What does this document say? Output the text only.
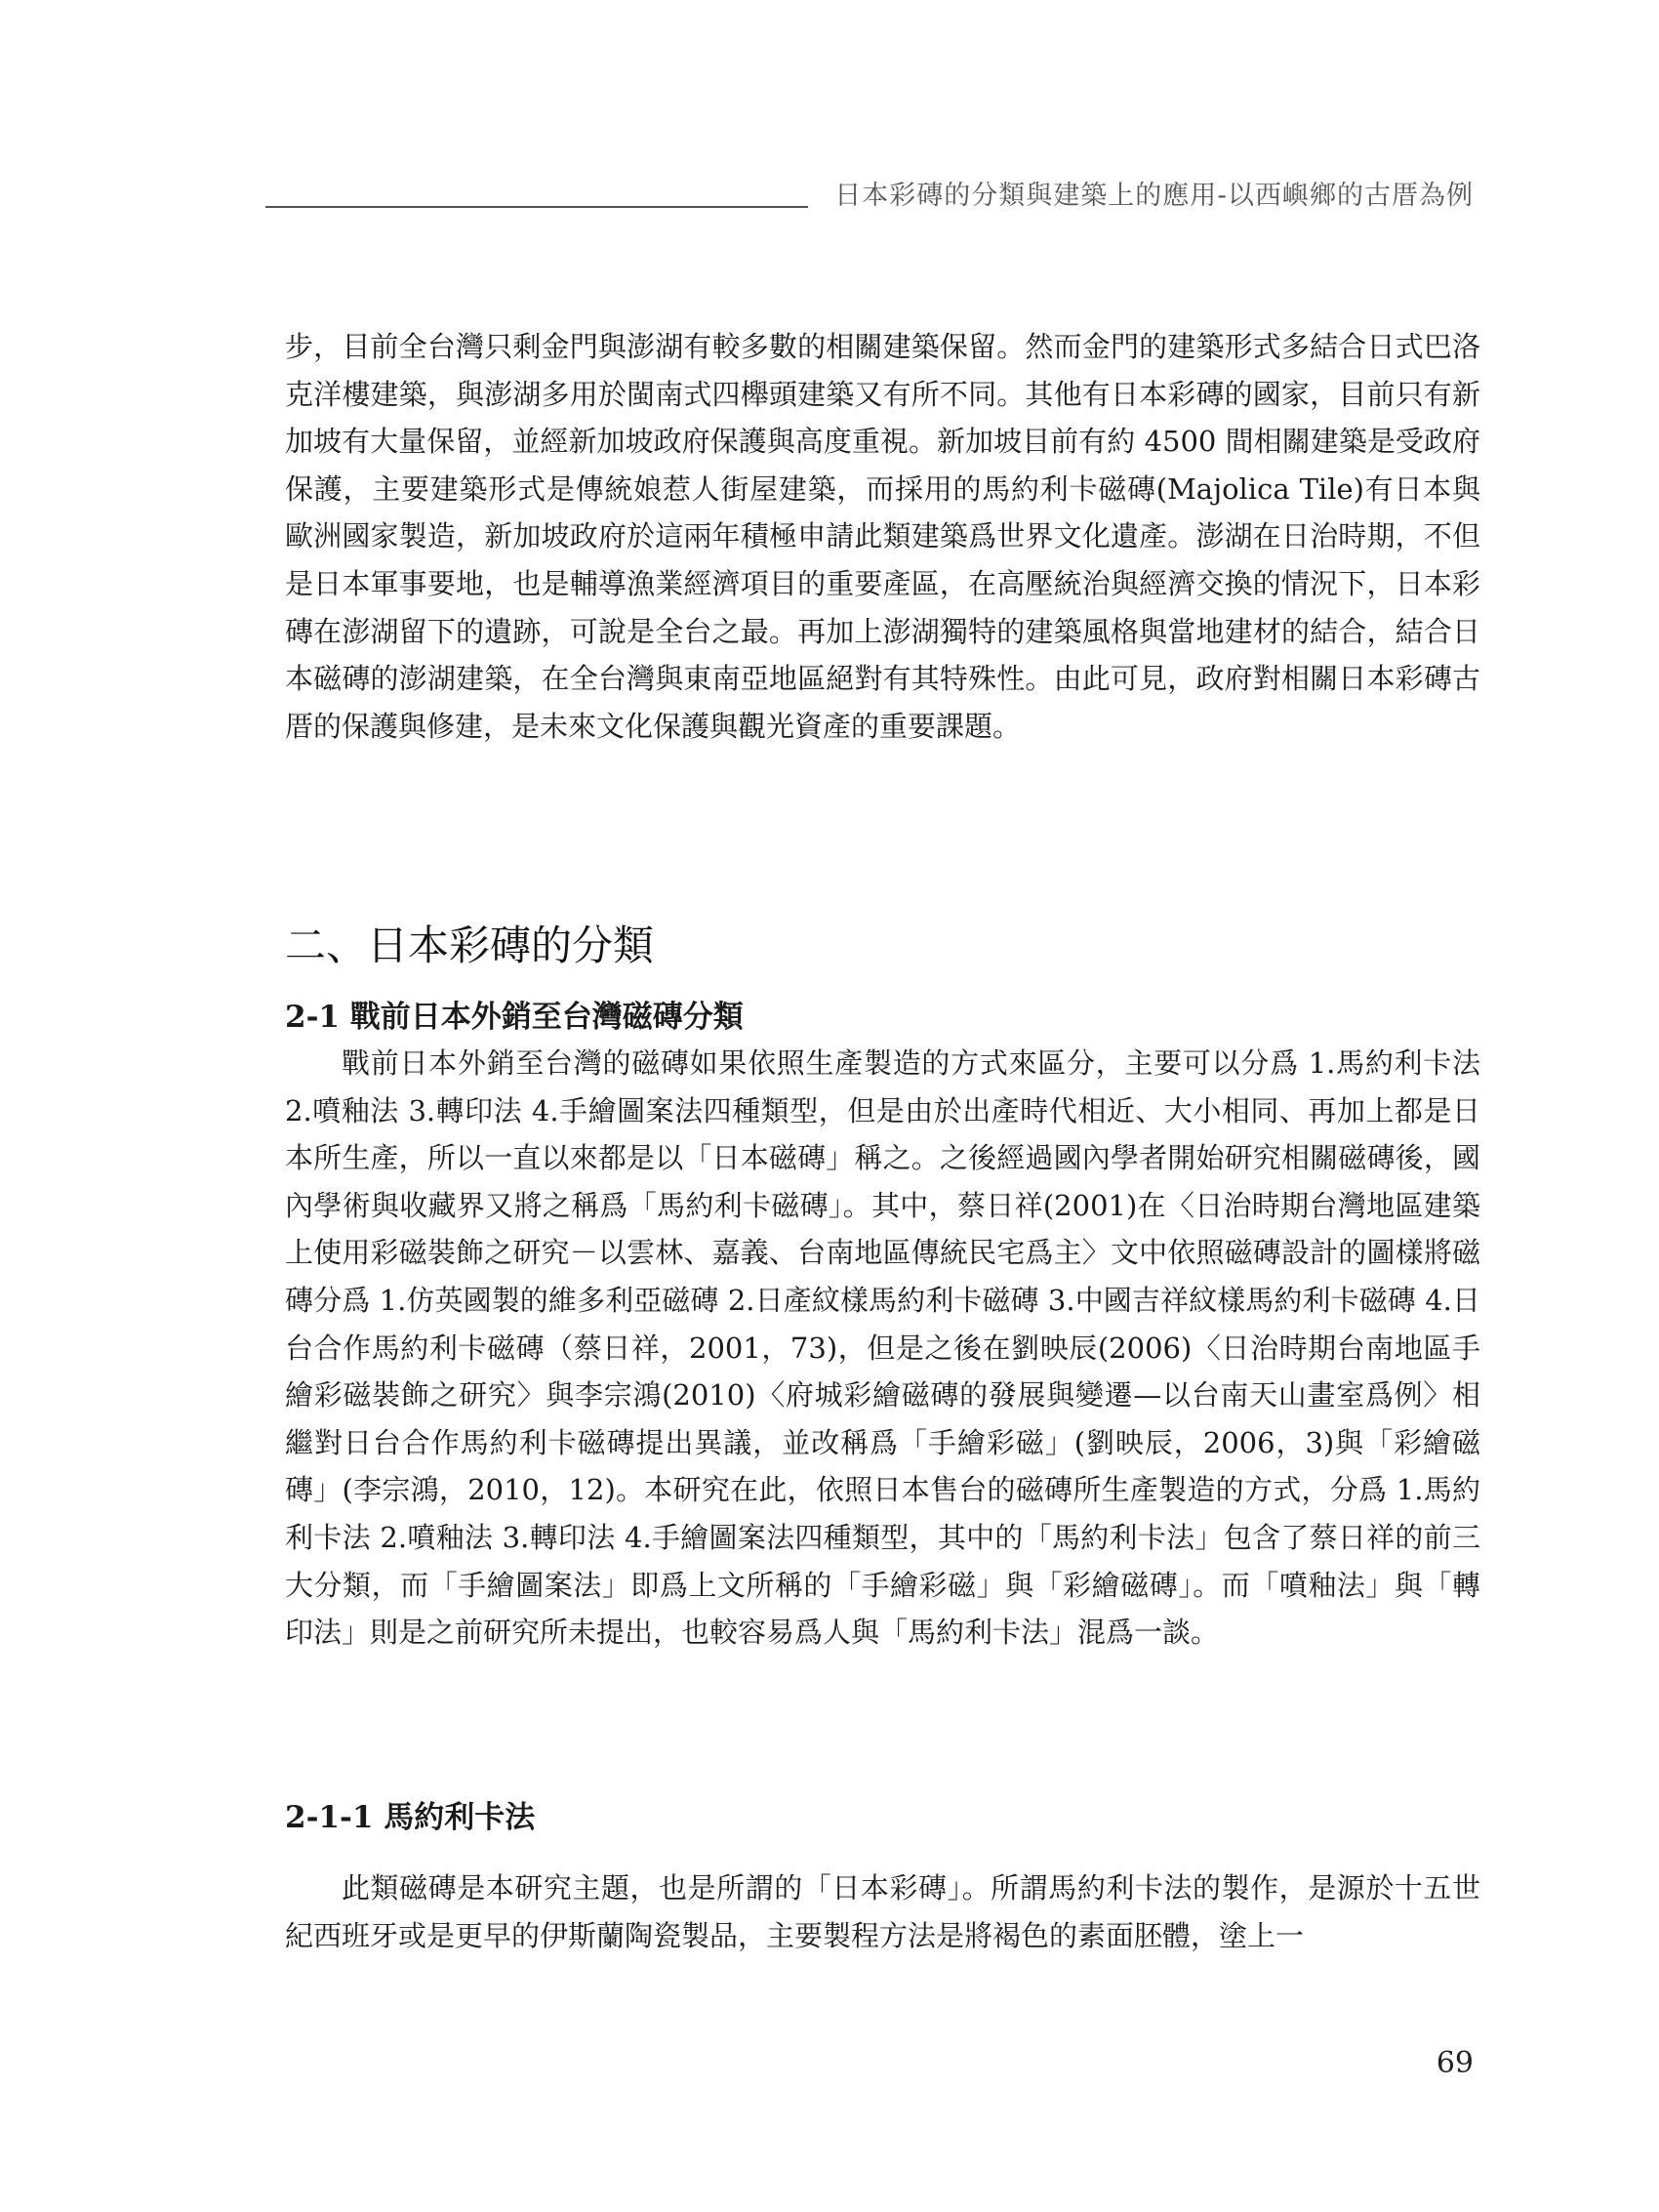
日本彩磚的分類與建築上的應用-以西嶼鄉的古厝為例

步，目前全台灣只剩金門與澎湖有較多數的相關建築保留。然而金門的建築形式多結合日式巴洛克洋樓建築，與澎湖多用於閩南式四櫸頭建築又有所不同。其他有日本彩磚的國家，目前只有新加坡有大量保留，並經新加坡政府保護與高度重視。新加坡目前有約 4500 間相關建築是受政府保護，主要建築形式是傳統娘惹人街屋建築，而採用的馬約利卡磁磚(Majolica Tile)有日本與歐洲國家製造，新加坡政府於這兩年積極申請此類建築爲世界文化遺產。澎湖在日治時期，不但是日本軍事要地，也是輔導漁業經濟項目的重要產區，在高壓統治與經濟交換的情況下，日本彩磚在澎湖留下的遺跡，可說是全台之最。再加上澎湖獨特的建築風格與當地建材的結合，結合日本磁磚的澎湖建築，在全台灣與東南亞地區絕對有其特殊性。由此可見，政府對相關日本彩磚古厝的保護與修建，是未來文化保護與觀光資產的重要課題。

二、日本彩磚的分類
2-1 戰前日本外銷至台灣磁磚分類

戰前日本外銷至台灣的磁磚如果依照生產製造的方式來區分，主要可以分爲 1.馬約利卡法 2.噴釉法 3.轉印法 4.手繪圖案法四種類型，但是由於出產時代相近、大小相同、再加上都是日本所生產，所以一直以來都是以「日本磁磚」稱之。之後經過國內學者開始研究相關磁磚後，國內學術與收藏界又將之稱爲「馬約利卡磁磚」。其中，蔡日祥(2001)在〈日治時期台灣地區建築上使用彩磁裝飾之研究－以雲林、嘉義、台南地區傳統民宅爲主〉文中依照磁磚設計的圖樣將磁磚分爲 1.仿英國製的維多利亞磁磚 2.日產紋樣馬約利卡磁磚 3.中國吉祥紋樣馬約利卡磁磚 4.日台合作馬約利卡磁磚（蔡日祥，2001，73)，但是之後在劉映辰(2006)〈日治時期台南地區手繪彩磁裝飾之研究〉與李宗鴻(2010)〈府城彩繪磁磚的發展與變遷—以台南天山畫室爲例〉相繼對日台合作馬約利卡磁磚提出異議，並改稱爲「手繪彩磁」(劉映辰，2006，3)與「彩繪磁磚」(李宗鴻，2010，12)。本研究在此，依照日本售台的磁磚所生產製造的方式，分爲 1.馬約利卡法 2.噴釉法 3.轉印法 4.手繪圖案法四種類型，其中的「馬約利卡法」包含了蔡日祥的前三大分類，而「手繪圖案法」即爲上文所稱的「手繪彩磁」與「彩繪磁磚」。而「噴釉法」與「轉印法」則是之前研究所未提出，也較容易爲人與「馬約利卡法」混爲一談。

2-1-1 馬約利卡法

此類磁磚是本研究主題，也是所謂的「日本彩磚」。所謂馬約利卡法的製作，是源於十五世紀西班牙或是更早的伊斯蘭陶瓷製品，主要製程方法是將褐色的素面胚體，塗上一

69
